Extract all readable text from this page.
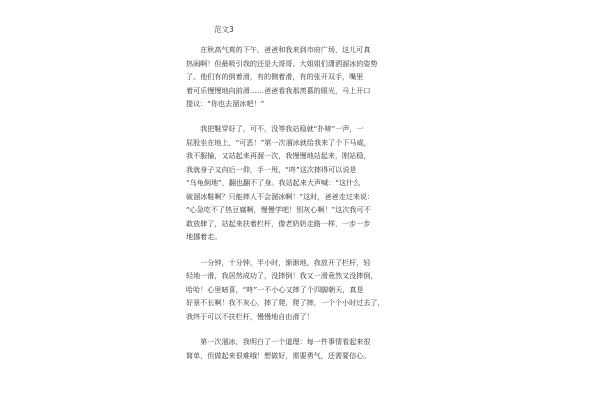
范文3
　　在秋高气爽的下午，爸爸和我来到市府广场，这儿可真
热闹啊！但最吸引我的还是大哥哥、大姐姐们潇洒溜冰的姿势
了。他们有的倒着滑，有的侧着滑，有的张开双手，嘴里
着可乐慢慢地向前滑……爸爸看我那羡慕的眼光，马上开口
提议：“你也去溜冰吧！”
　　我把鞋穿好了，可不，没等我站稳就“扑哧”一声，一
屁股坐在地上，“可恶！”第一次溜冰就给我来了个下马威，
我不服输，又站起来再溜一次，我慢慢地站起来，刚站稳，
我就身子又向后一仰，手一甩，“咚”这次摔得可以说是
“乌龟倒地”，翻也翻不了身。我站起来大声喊：“这什么
破溜冰鞋啊？只能摔人不会溜冰啊！”这时，爸爸走过来说：
“心急吃不了热豆腐啊，慢慢学吧！别灰心啊！”这次我可不
敢放肆了，站起来扶着栏杆，像老奶奶走路一样，一步一步
地挪着走。
　　一分钟，十分钟，半小时，渐渐地，我放开了栏杆，轻
轻地一滑，我居然成功了，没摔倒！我又一滑竟然又没摔倒，
哈哈！心里暗喜，“咚”一不小心又摔了个四脚朝天，真是
好景不长啊！我不灰心，摔了爬，爬了摔，一个个小时过去了，
我终于可以不扶栏杆，慢慢地自由滑了！
　　第一次溜冰，我明白了一个道理：每一件事情看起来很
简单，但做起来很难哦！想做好，需要勇气，还需要信心。
